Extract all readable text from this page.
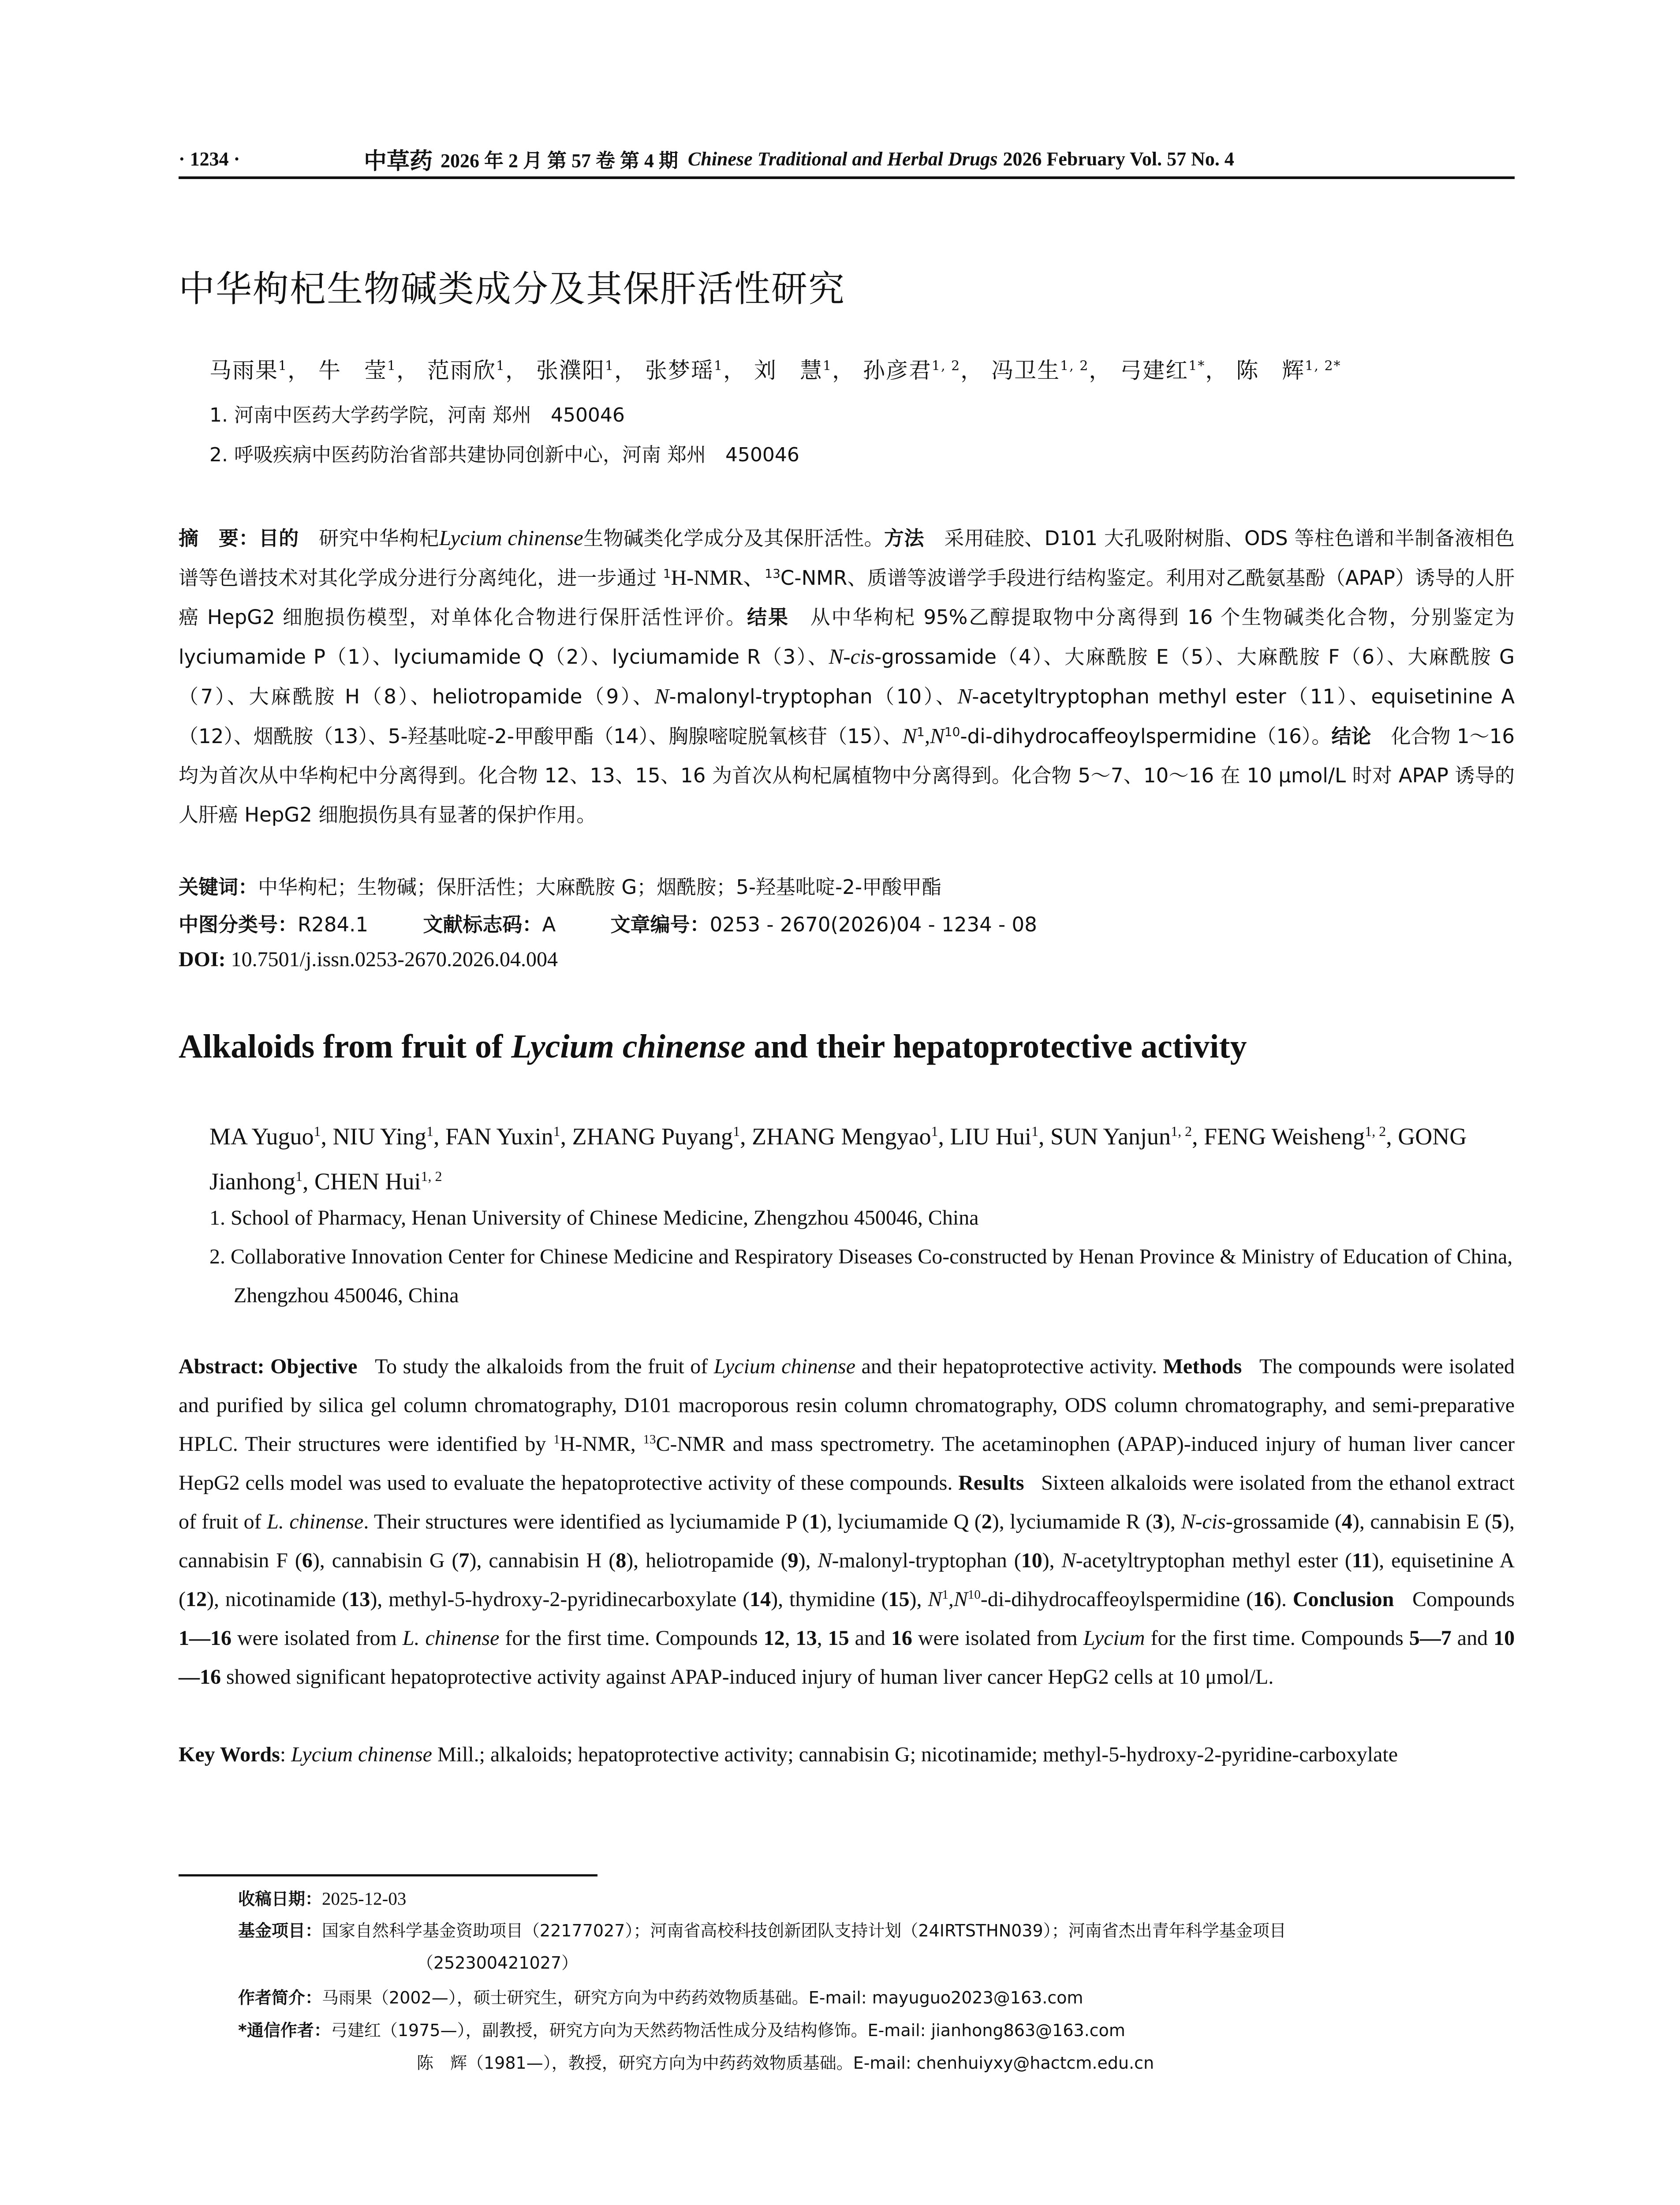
· 1234 ·	中草药 2026 年 2 月 第 57 卷 第 4 期 Chinese Traditional and Herbal Drugs 2026 February Vol. 57 No. 4
中华枸杞生物碱类成分及其保肝活性研究
马雨果$^1$， 牛　莹$^1$， 范雨欣$^1$， 张濮阳$^1$， 张梦瑶$^1$， 刘　慧$^1$， 孙彦君$^{1, 2}$， 冯卫生$^{1, 2}$， 弓建红$^{1*}$， 陈　辉$^{1, 2*}$
1. 河南中医药大学药学院，河南 郑州　450046
2. 呼吸疾病中医药防治省部共建协同创新中心，河南 郑州　450046
摘　要：目的　 研究中华枸杞Lycium chinense生物碱类化学成分及其保肝活性。方法　 采用硅胶、D101 大孔吸附树脂、ODS 等柱色谱和半制备液相色谱等色谱技术对其化学成分进行分离纯化，进一步通过 $^1$H-NMR、$^{13}$C-NMR、质谱等波谱学手段进行结构鉴定。利用对乙酰氨基酚（APAP）诱导的人肝癌 HepG2 细胞损伤模型，对单体化合物进行保肝活性评价。结果　 从中华枸杞 95%乙醇提取物中分离得到 16 个生物碱类化合物，分别鉴定为 lyciumamide P（1）、lyciumamide Q（2）、lyciumamide R（3）、N-cis-grossamide（4）、大麻酰胺 E（5）、大麻酰胺 F（6）、大麻酰胺 G（7）、大麻酰胺 H（8）、heliotropamide（9）、N-malonyl-tryptophan（10）、N-acetyltryptophan methyl ester（11）、equisetinine A（12）、烟酰胺（13）、5-羟基吡啶-2-甲酸甲酯（14）、胸腺嘧啶脱氧核苷（15）、$N^1,N^{10}-di-dihydrocaffeoylspermidine(16)$。结论　 化合物 1～16 均为首次从中华枸杞中分离得到。化合物 12、13、15、16 为首次从枸杞属植物中分离得到。化合物 5～7、10～16 在 10 μmol/L 时对 APAP 诱导的人肝癌 HepG2 细胞损伤具有显著的保护作用。
关键词：中华枸杞；生物碱；保肝活性；大麻酰胺 G；烟酰胺；5-羟基吡啶-2-甲酸甲酯
中图分类号：R284.1	文献标志码：A	文章编号：0253 - 2670(2026)04 - 1234 - 08
DOI: 10.7501/j.issn.0253-2670.2026.04.004
Alkaloids from fruit of Lycium chinense and their hepatoprotective activity
MA Yuguo$^1$, NIU Ying$^1$, FAN Yuxin$^1$, ZHANG Puyang$^1$, ZHANG Mengyao$^1$, LIU Hui$^1$, SUN Yanjun$^{1, 2}$, FENG Weisheng$^{1, 2}$, GONG Jianhong$^1$, CHEN Hui$^{1, 2}$
1. School of Pharmacy, Henan University of Chinese Medicine, Zhengzhou 450046, China
2. Collaborative Innovation Center for Chinese Medicine and Respiratory Diseases Co-constructed by Henan Province & Ministry of Education of China, Zhengzhou 450046, China
Abstract: Objective To study the alkaloids from the fruit of Lycium chinense and their hepatoprotective activity. Methods The compounds were isolated and purified by silica gel column chromatography, D101 macroporous resin column chromatography, ODS column chromatography, and semi-preparative HPLC. Their structures were identified by $^1$H-NMR, $^{13}$C-NMR and mass spectrometry. The acetaminophen (APAP)-induced injury of human liver cancer HepG2 cells model was used to evaluate the hepatoprotective activity of these compounds. Results Sixteen alkaloids were isolated from the ethanol extract of fruit of L. chinense. Their structures were identified as lyciumamide P (1), lyciumamide Q (2), lyciumamide R (3), N-cis-grossamide (4), cannabisin E (5), cannabisin F (6), cannabisin G (7), cannabisin H (8), heliotropamide (9), N-malonyl-tryptophan (10), N-acetyltryptophan methyl ester (11), equisetinine A (12), nicotinamide (13), methyl-5-hydroxy-2-pyridinecarboxylate (14), thymidine (15), $N^1,N^{10}-di$-dihydrocaffeoylspermidine (16). Conclusion Compounds 1—16 were isolated from L. chinense for the first time. Compounds 12, 13, 15 and 16 were isolated from Lycium for the first time. Compounds 5—7 and 10—16 showed significant hepatoprotective activity against APAP-induced injury of human liver cancer HepG2 cells at 10 μmol/L.
Key Words: Lycium chinense Mill.; alkaloids; hepatoprotective activity; cannabisin G; nicotinamide; methyl-5-hydroxy-2-pyridine-carboxylate
收稿日期：2025-12-03
基金项目：国家自然科学基金资助项目（22177027）；河南省高校科技创新团队支持计划（24IRTSTHN039）；河南省杰出青年科学基金项目
（252300421027）
作者简介：马雨果（2002—），硕士研究生，研究方向为中药药效物质基础。E-mail: mayuguo2023@163.com
*通信作者：弓建红（1975—），副教授，研究方向为天然药物活性成分及结构修饰。E-mail: jianhong863@163.com
陈　辉（1981—），教授，研究方向为中药药效物质基础。E-mail: chenhuiyxy@hactcm.edu.cn
